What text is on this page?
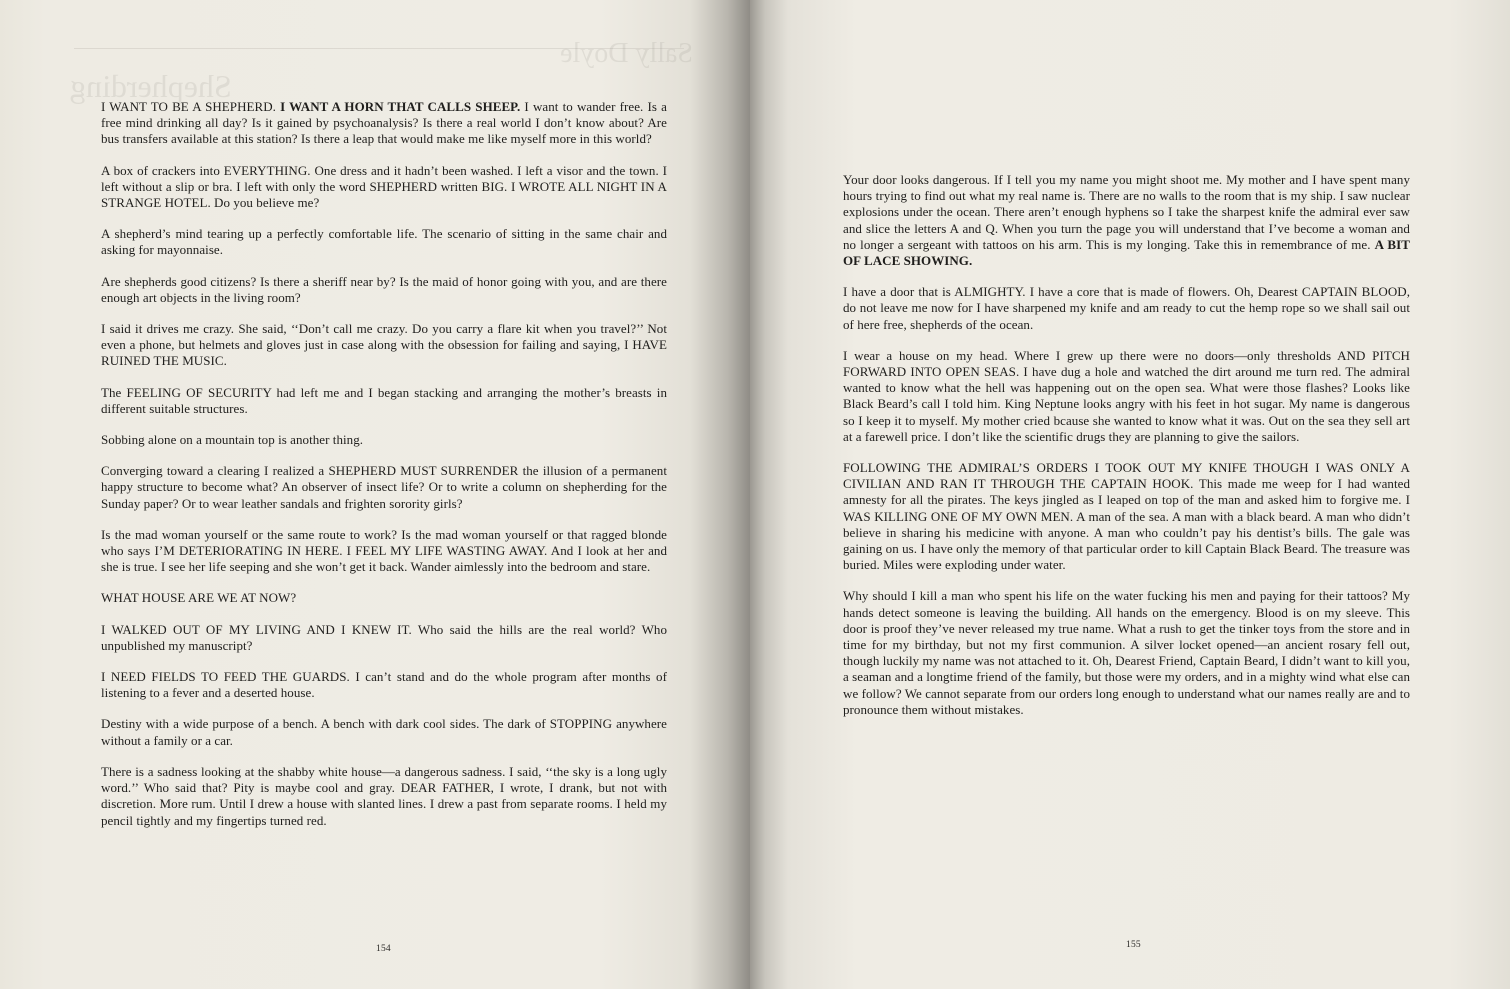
Sally Doyle
Shepherding

I WANT TO BE A SHEPHERD. I WANT A HORN THAT CALLS SHEEP. I want to wander free. Is a free mind drinking all day? Is it gained by psychoanalysis? Is there a real world I don’t know about? Are bus transfers available at this station? Is there a leap that would make me like myself more in this world?

A box of crackers into EVERYTHING. One dress and it hadn’t been washed. I left a visor and the town. I left without a slip or bra. I left with only the word SHEPHERD written BIG. I WROTE ALL NIGHT IN A STRANGE HOTEL. Do you believe me?

A shepherd’s mind tearing up a perfectly comfortable life. The scenario of sitting in the same chair and asking for mayonnaise.

Are shepherds good citizens? Is there a sheriff near by? Is the maid of honor going with you, and are there enough art objects in the living room?

I said it drives me crazy. She said, ‘‘Don’t call me crazy. Do you carry a flare kit when you travel?’’ Not even a phone, but helmets and gloves just in case along with the obsession for failing and saying, I HAVE RUINED THE MUSIC.

The FEELING OF SECURITY had left me and I began stacking and arranging the mother’s breasts in different suitable structures.

Sobbing alone on a mountain top is another thing.

Converging toward a clearing I realized a SHEPHERD MUST SURRENDER the illusion of a permanent happy structure to become what? An observer of insect life? Or to write a column on shepherding for the Sunday paper? Or to wear leather sandals and frighten sorority girls?

Is the mad woman yourself or the same route to work? Is the mad woman yourself or that ragged blonde who says I’M DETERIORATING IN HERE. I FEEL MY LIFE WASTING AWAY. And I look at her and she is true. I see her life seeping and she won’t get it back. Wander aimlessly into the bedroom and stare.

WHAT HOUSE ARE WE AT NOW?

I WALKED OUT OF MY LIVING AND I KNEW IT. Who said the hills are the real world? Who unpublished my manuscript?

I NEED FIELDS TO FEED THE GUARDS. I can’t stand and do the whole program after months of listening to a fever and a deserted house.

Destiny with a wide purpose of a bench. A bench with dark cool sides. The dark of STOPPING anywhere without a family or a car.

There is a sadness looking at the shabby white house—a dangerous sadness. I said, ‘‘the sky is a long ugly word.’’ Who said that? Pity is maybe cool and gray. DEAR FATHER, I wrote, I drank, but not with discretion. More rum. Until I drew a house with slanted lines. I drew a past from separate rooms. I held my pencil tightly and my fingertips turned red.

154

Your door looks dangerous. If I tell you my name you might shoot me. My mother and I have spent many hours trying to find out what my real name is. There are no walls to the room that is my ship. I saw nuclear explosions under the ocean. There aren’t enough hyphens so I take the sharpest knife the admiral ever saw and slice the letters A and Q. When you turn the page you will understand that I’ve become a woman and no longer a sergeant with tattoos on his arm. This is my longing. Take this in remembrance of me. A BIT OF LACE SHOWING.

I have a door that is ALMIGHTY. I have a core that is made of flowers. Oh, Dearest CAPTAIN BLOOD, do not leave me now for I have sharpened my knife and am ready to cut the hemp rope so we shall sail out of here free, shepherds of the ocean.

I wear a house on my head. Where I grew up there were no doors—only thresholds AND PITCH FORWARD INTO OPEN SEAS. I have dug a hole and watched the dirt around me turn red. The admiral wanted to know what the hell was happening out on the open sea. What were those flashes? Looks like Black Beard’s call I told him. King Neptune looks angry with his feet in hot sugar. My name is dangerous so I keep it to myself. My mother cried bcause she wanted to know what it was. Out on the sea they sell art at a farewell price. I don’t like the scientific drugs they are planning to give the sailors.

FOLLOWING THE ADMIRAL’S ORDERS I TOOK OUT MY KNIFE THOUGH I WAS ONLY A CIVILIAN AND RAN IT THROUGH THE CAPTAIN HOOK. This made me weep for I had wanted amnesty for all the pirates. The keys jingled as I leaped on top of the man and asked him to forgive me. I WAS KILLING ONE OF MY OWN MEN. A man of the sea. A man with a black beard. A man who didn’t believe in sharing his medicine with anyone. A man who couldn’t pay his dentist’s bills. The gale was gaining on us. I have only the memory of that particular order to kill Captain Black Beard. The treasure was buried. Miles were exploding under water.

Why should I kill a man who spent his life on the water fucking his men and paying for their tattoos? My hands detect someone is leaving the building. All hands on the emergency. Blood is on my sleeve. This door is proof they’ve never released my true name. What a rush to get the tinker toys from the store and in time for my birthday, but not my first communion. A silver locket opened—an ancient rosary fell out, though luckily my name was not attached to it. Oh, Dearest Friend, Captain Beard, I didn’t want to kill you, a seaman and a longtime friend of the family, but those were my orders, and in a mighty wind what else can we follow? We cannot separate from our orders long enough to understand what our names really are and to pronounce them without mistakes.

155
